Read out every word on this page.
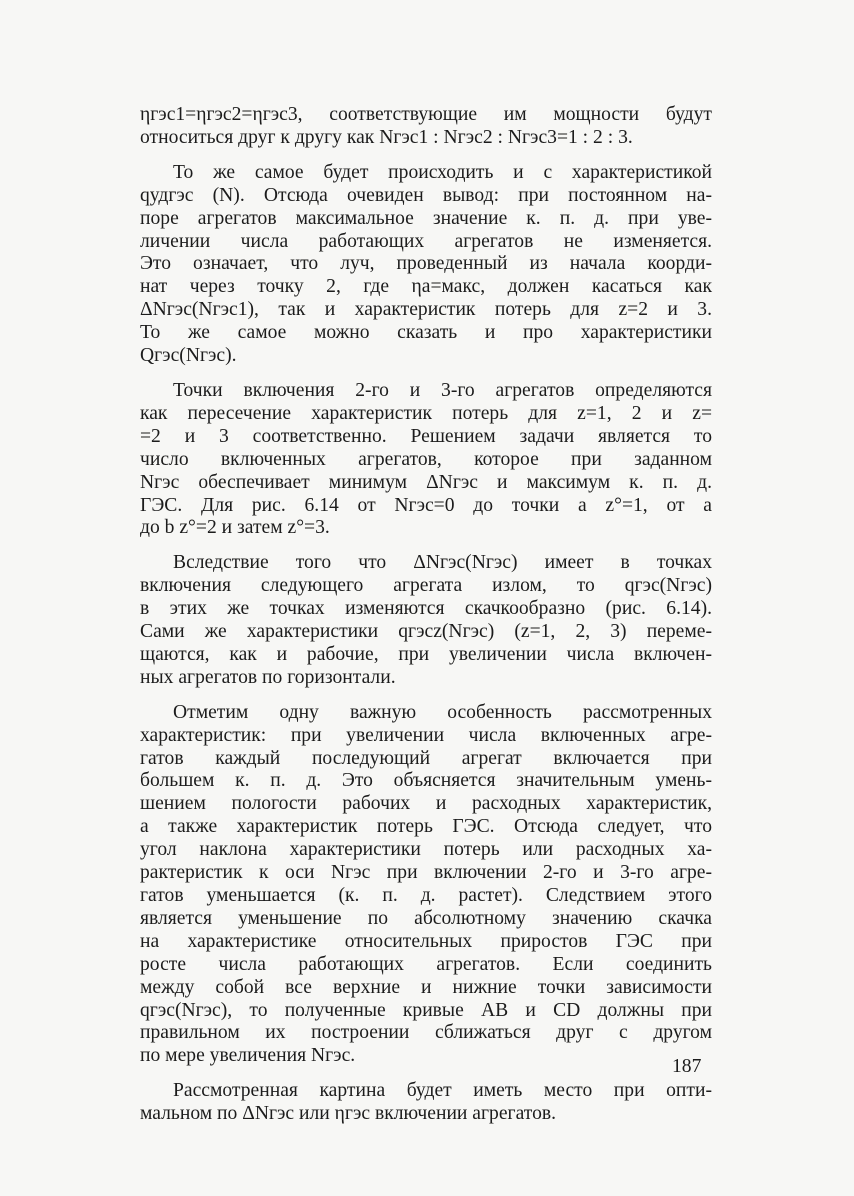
ηгэс1=ηгэс2=ηгэс3, соответствующие им мощности будут
относиться друг к другу как Nгэс1 : Nгэс2 : Nгэс3=1 : 2 : 3.

То же самое будет происходить и с характеристикой
qудгэс (N). Отсюда очевиден вывод: при постоянном на-
поре агрегатов максимальное значение к. п. д. при уве-
личении числа работающих агрегатов не изменяется.
Это означает, что луч, проведенный из начала коорди-
нат через точку 2, где ηа=макс, должен касаться как
ΔNгэс(Nгэс1), так и характеристик потерь для z=2 и 3.
То же самое можно сказать и про характеристики
Qгэс(Nгэс).

Точки включения 2-го и 3-го агрегатов определяются
как пересечение характеристик потерь для z=1, 2 и z=
=2 и 3 соответственно. Решением задачи является то
число включенных агрегатов, которое при заданном
Nгэс обеспечивает минимум ΔNгэс и максимум к. п. д.
ГЭС. Для рис. 6.14 от Nгэс=0 до точки a z°=1, от a
до b z°=2 и затем z°=3.

Вследствие того что ΔNгэс(Nгэс) имеет в точках
включения следующего агрегата излом, то qгэс(Nгэс)
в этих же точках изменяются скачкообразно (рис. 6.14).
Сами же характеристики qгэсz(Nгэс) (z=1, 2, 3) переме-
щаются, как и рабочие, при увеличении числа включен-
ных агрегатов по горизонтали.

Отметим одну важную особенность рассмотренных
характеристик: при увеличении числа включенных агре-
гатов каждый последующий агрегат включается при
большем к. п. д. Это объясняется значительным умень-
шением пологости рабочих и расходных характеристик,
а также характеристик потерь ГЭС. Отсюда следует, что
угол наклона характеристики потерь или расходных ха-
рактеристик к оси Nгэс при включении 2-го и 3-го агре-
гатов уменьшается (к. п. д. растет). Следствием этого
является уменьшение по абсолютному значению скачка
на характеристике относительных приростов ГЭС при
росте числа работающих агрегатов. Если соединить
между собой все верхние и нижние точки зависимости
qгэс(Nгэс), то полученные кривые AB и CD должны при
правильном их построении сближаться друг с другом
по мере увеличения Nгэс.

Рассмотренная картина будет иметь место при опти-
мальном по ΔNгэс или ηгэс включении агрегатов.

187
